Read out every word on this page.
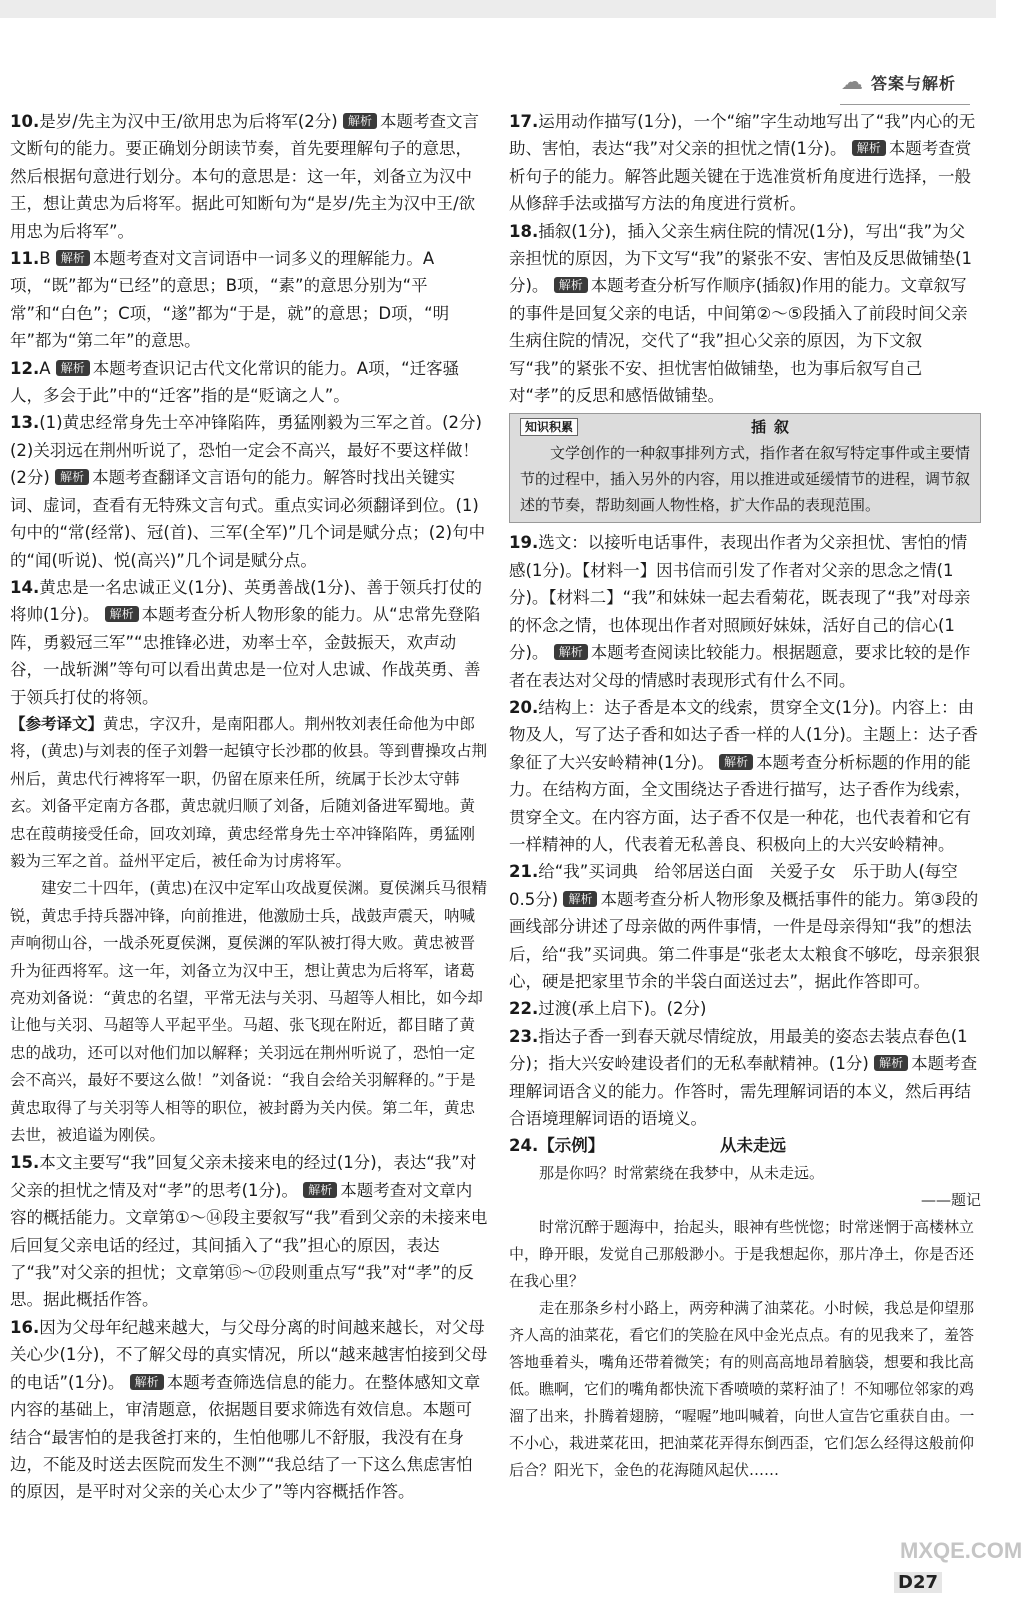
☁ 答案与解析
10.是岁/先主为汉中王/欲用忠为后将军(2分) 解析 本题考查文言文断句的能力。要正确划分朗读节奏，首先要理解句子的意思，然后根据句意进行划分。本句的意思是：这一年，刘备立为汉中王，想让黄忠为后将军。据此可知断句为“是岁/先主为汉中王/欲用忠为后将军”。
11.B 解析 本题考查对文言词语中一词多义的理解能力。A项，“既”都为“已经”的意思；B项，“素”的意思分别为“平常”和“白色”；C项，“遂”都为“于是，就”的意思；D项，“明年”都为“第二年”的意思。
12.A 解析 本题考查识记古代文化常识的能力。A项，“迁客骚人，多会于此”中的“迁客”指的是“贬谪之人”。
13.(1)黄忠经常身先士卒冲锋陷阵，勇猛刚毅为三军之首。(2分)　(2)关羽远在荆州听说了，恐怕一定会不高兴，最好不要这样做！(2分) 解析 本题考查翻译文言语句的能力。解答时找出关键实词、虚词，查看有无特殊文言句式。重点实词必须翻译到位。(1)句中的“常(经常)、冠(首)、三军(全军)”几个词是赋分点；(2)句中的“闻(听说)、悦(高兴)”几个词是赋分点。
14.黄忠是一名忠诚正义(1分)、英勇善战(1分)、善于领兵打仗的将帅(1分)。 解析 本题考查分析人物形象的能力。从“忠常先登陷阵，勇毅冠三军”“忠推锋必进，劝率士卒，金鼓振天，欢声动谷，一战斩渊”等句可以看出黄忠是一位对人忠诚、作战英勇、善于领兵打仗的将领。
【参考译文】黄忠，字汉升，是南阳郡人。荆州牧刘表任命他为中郎将，(黄忠)与刘表的侄子刘磐一起镇守长沙郡的攸县。等到曹操攻占荆州后，黄忠代行裨将军一职，仍留在原来任所，统属于长沙太守韩玄。刘备平定南方各郡，黄忠就归顺了刘备，后随刘备进军蜀地。黄忠在葭萌接受任命，回攻刘璋，黄忠经常身先士卒冲锋陷阵，勇猛刚毅为三军之首。益州平定后，被任命为讨虏将军。
建安二十四年，(黄忠)在汉中定军山攻战夏侯渊。夏侯渊兵马很精锐，黄忠手持兵器冲锋，向前推进，他激励士兵，战鼓声震天，呐喊声响彻山谷，一战杀死夏侯渊，夏侯渊的军队被打得大败。黄忠被晋升为征西将军。这一年，刘备立为汉中王，想让黄忠为后将军，诸葛亮劝刘备说：“黄忠的名望，平常无法与关羽、马超等人相比，如今却让他与关羽、马超等人平起平坐。马超、张飞现在附近，都目睹了黄忠的战功，还可以对他们加以解释；关羽远在荆州听说了，恐怕一定会不高兴，最好不要这么做！”刘备说：“我自会给关羽解释的。”于是黄忠取得了与关羽等人相等的职位，被封爵为关内侯。第二年，黄忠去世，被追谥为刚侯。
15.本文主要写“我”回复父亲未接来电的经过(1分)，表达“我”对父亲的担忧之情及对“孝”的思考(1分)。 解析 本题考查对文章内容的概括能力。文章第①～⑭段主要叙写“我”看到父亲的未接来电后回复父亲电话的经过，其间插入了“我”担心的原因，表达了“我”对父亲的担忧；文章第⑮～⑰段则重点写“我”对“孝”的反思。据此概括作答。
16.因为父母年纪越来越大，与父母分离的时间越来越长，对父母关心少(1分)，不了解父母的真实情况，所以“越来越害怕接到父母的电话”(1分)。 解析 本题考查筛选信息的能力。在整体感知文章内容的基础上，审清题意，依据题目要求筛选有效信息。本题可结合“最害怕的是我爸打来的，生怕他哪儿不舒服，我没有在身边，不能及时送去医院而发生不测”“我总结了一下这么焦虑害怕的原因，是平时对父亲的关心太少了”等内容概括作答。
17.运用动作描写(1分)，一个“缩”字生动地写出了“我”内心的无助、害怕，表达“我”对父亲的担忧之情(1分)。 解析 本题考查赏析句子的能力。解答此题关键在于选准赏析角度进行选择，一般从修辞手法或描写方法的角度进行赏析。
18.插叙(1分)，插入父亲生病住院的情况(1分)，写出“我”为父亲担忧的原因，为下文写“我”的紧张不安、害怕及反思做铺垫(1分)。 解析 本题考查分析写作顺序(插叙)作用的能力。文章叙写的事件是回复父亲的电话，中间第②～⑤段插入了前段时间父亲生病住院的情况，交代了“我”担心父亲的原因，为下文叙写“我”的紧张不安、担忧害怕做铺垫，也为事后叙写自己对“孝”的反思和感悟做铺垫。
知识积累	插叙
文学创作的一种叙事排列方式，指作者在叙写特定事件或主要情节的过程中，插入另外的内容，用以推进或延缓情节的进程，调节叙述的节奏，帮助刻画人物性格，扩大作品的表现范围。
19.选文：以接听电话事件，表现出作者为父亲担忧、害怕的情感(1分)。【材料一】因书信而引发了作者对父亲的思念之情(1分)。【材料二】“我”和妹妹一起去看菊花，既表现了“我”对母亲的怀念之情，也体现出作者对照顾好妹妹，活好自己的信心(1分)。 解析 本题考查阅读比较能力。根据题意，要求比较的是作者在表达对父母的情感时表现形式有什么不同。
20.结构上：达子香是本文的线索，贯穿全文(1分)。内容上：由物及人，写了达子香和如达子香一样的人(1分)。主题上：达子香象征了大兴安岭精神(1分)。 解析 本题考查分析标题的作用的能力。在结构方面，全文围绕达子香进行描写，达子香作为线索，贯穿全文。在内容方面，达子香不仅是一种花，也代表着和它有一样精神的人，代表着无私善良、积极向上的大兴安岭精神。
21.给“我”买词典　给邻居送白面　关爱子女　乐于助人(每空0.5分) 解析 本题考查分析人物形象及概括事件的能力。第③段的画线部分讲述了母亲做的两件事情，一件是母亲得知“我”的想法后，给“我”买词典。第二件事是“张老太太粮食不够吃，母亲狠狠心，硬是把家里节余的半袋白面送过去”，据此作答即可。
22.过渡(承上启下)。(2分)
23.指达子香一到春天就尽情绽放，用最美的姿态去装点春色(1分)；指大兴安岭建设者们的无私奉献精神。(1分) 解析 本题考查理解词语含义的能力。作答时，需先理解词语的本义，然后再结合语境理解词语的语境义。
24.【示例】	从未走远

那是你吗？时常萦绕在我梦中，从未走远。

——题记

时常沉醉于题海中，抬起头，眼神有些恍惚；时常迷惘于高楼林立中，睁开眼，发觉自己那般渺小。于是我想起你，那片净土，你是否还在我心里？

走在那条乡村小路上，两旁种满了油菜花。小时候，我总是仰望那齐人高的油菜花，看它们的笑脸在风中金光点点。有的见我来了，羞答答地垂着头，嘴角还带着微笑；有的则高高地昂着脑袋，想要和我比高低。瞧啊，它们的嘴角都快流下香喷喷的菜籽油了！不知哪位邻家的鸡溜了出来，扑腾着翅膀，“喔喔”地叫喊着，向世人宣告它重获自由。一不小心，栽进菜花田，把油菜花弄得东倒西歪，它们怎么经得这般前仰后合？阳光下，金色的花海随风起伏……

MXQE.COM
D27
